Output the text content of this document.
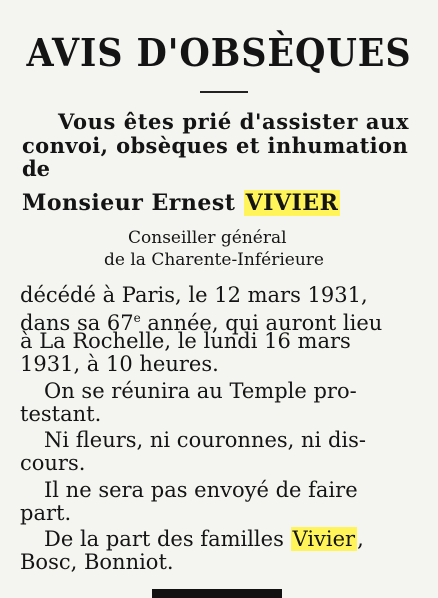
AVIS D'OBSÈQUES
Vous êtes prié d'assister aux
convoi, obsèques et inhumation
de
Monsieur Ernest VIVIER
Conseiller général
de la Charente-Inférieure
décédé à Paris, le 12 mars 1931,
dans sa 67e année, qui auront lieu
à La Rochelle, le lundi 16 mars
1931, à 10 heures.
On se réunira au Temple pro-
testant.
Ni fleurs, ni couronnes, ni dis-
cours.
Il ne sera pas envoyé de faire
part.
De la part des familles Vivier,
Bosc, Bonniot.
